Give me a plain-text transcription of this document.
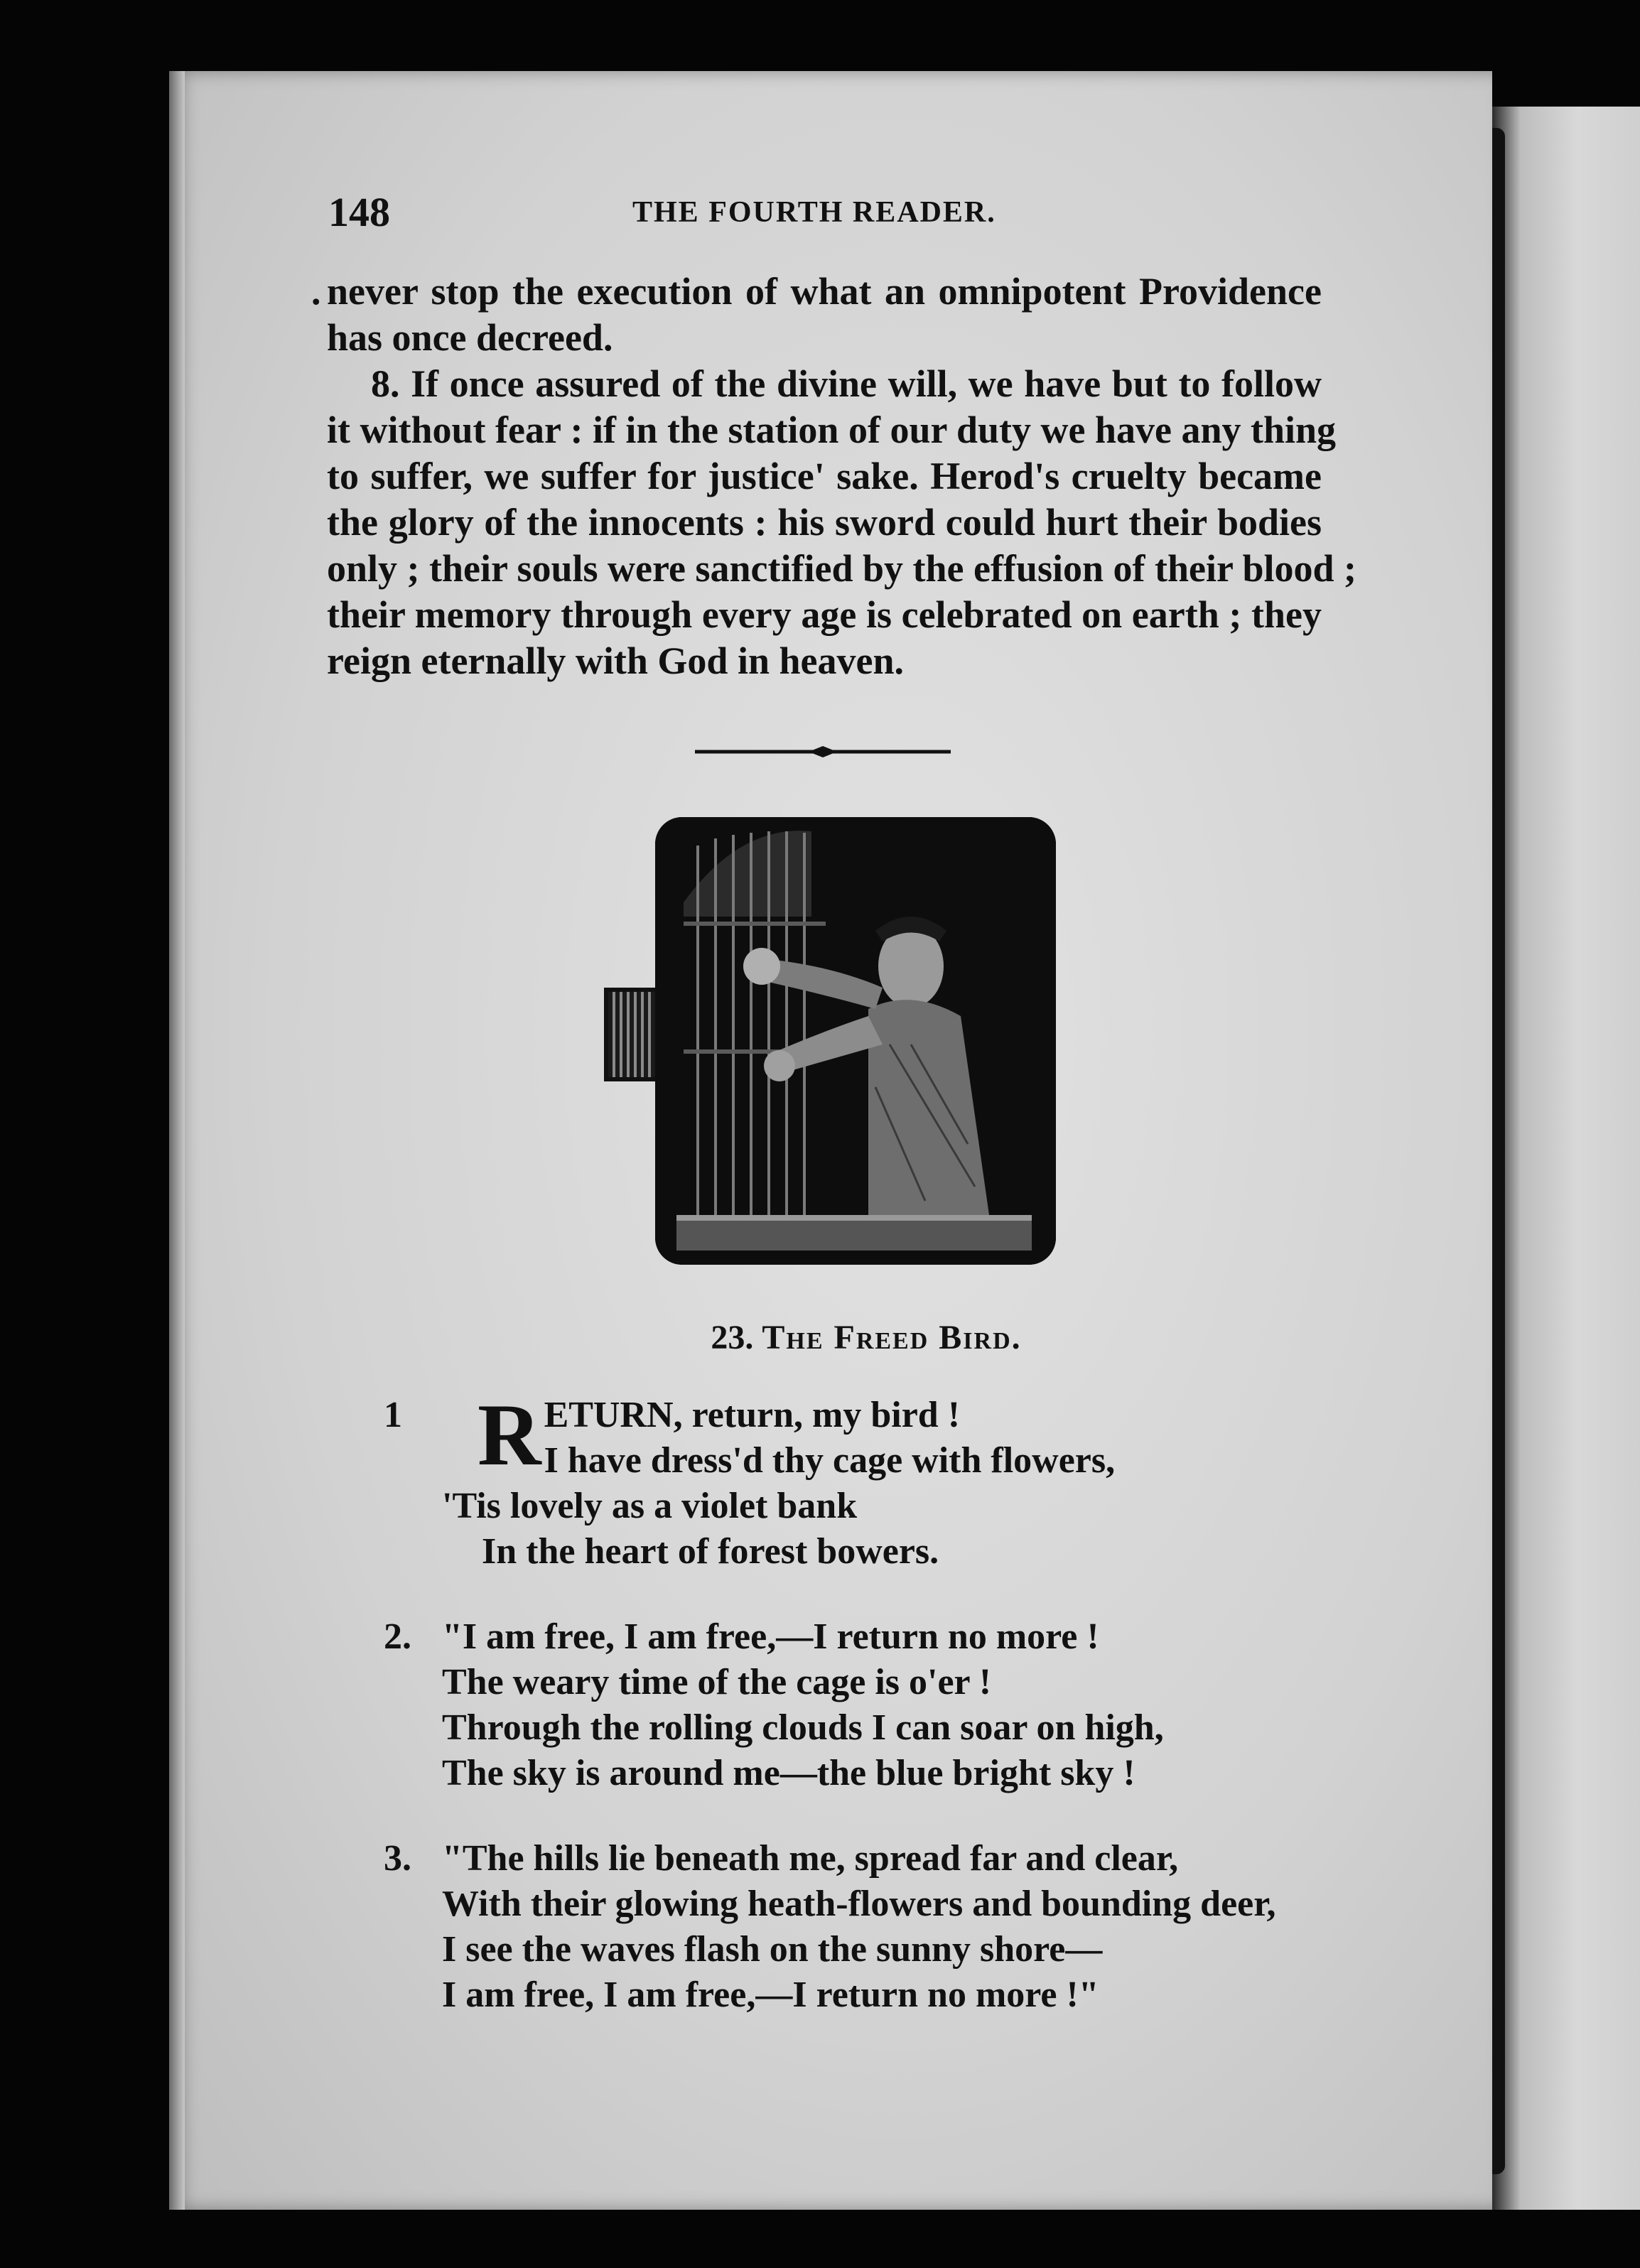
148	THE FOURTH READER.
. never stop the execution of what an omnipotent Providence
has once decreed.
8. If once assured of the divine will, we have but to follow
it without fear : if in the station of our duty we have any thing
to suffer, we suffer for justice' sake. Herod's cruelty became
the glory of the innocents : his sword could hurt their bodies
only ; their souls were sanctified by the effusion of their blood ;
their memory through every age is celebrated on earth ; they
reign eternally with God in heaven.
23. The Freed Bird.
1 R ETURN, return, my bird !
I have dress'd thy cage with flowers,
'Tis lovely as a violet bank
In the heart of forest bowers.
2. "I am free, I am free,—I return no more !
The weary time of the cage is o'er !
Through the rolling clouds I can soar on high,
The sky is around me—the blue bright sky !
3. "The hills lie beneath me, spread far and clear,
With their glowing heath-flowers and bounding deer,
I see the waves flash on the sunny shore—
I am free, I am free,—I return no more !"
